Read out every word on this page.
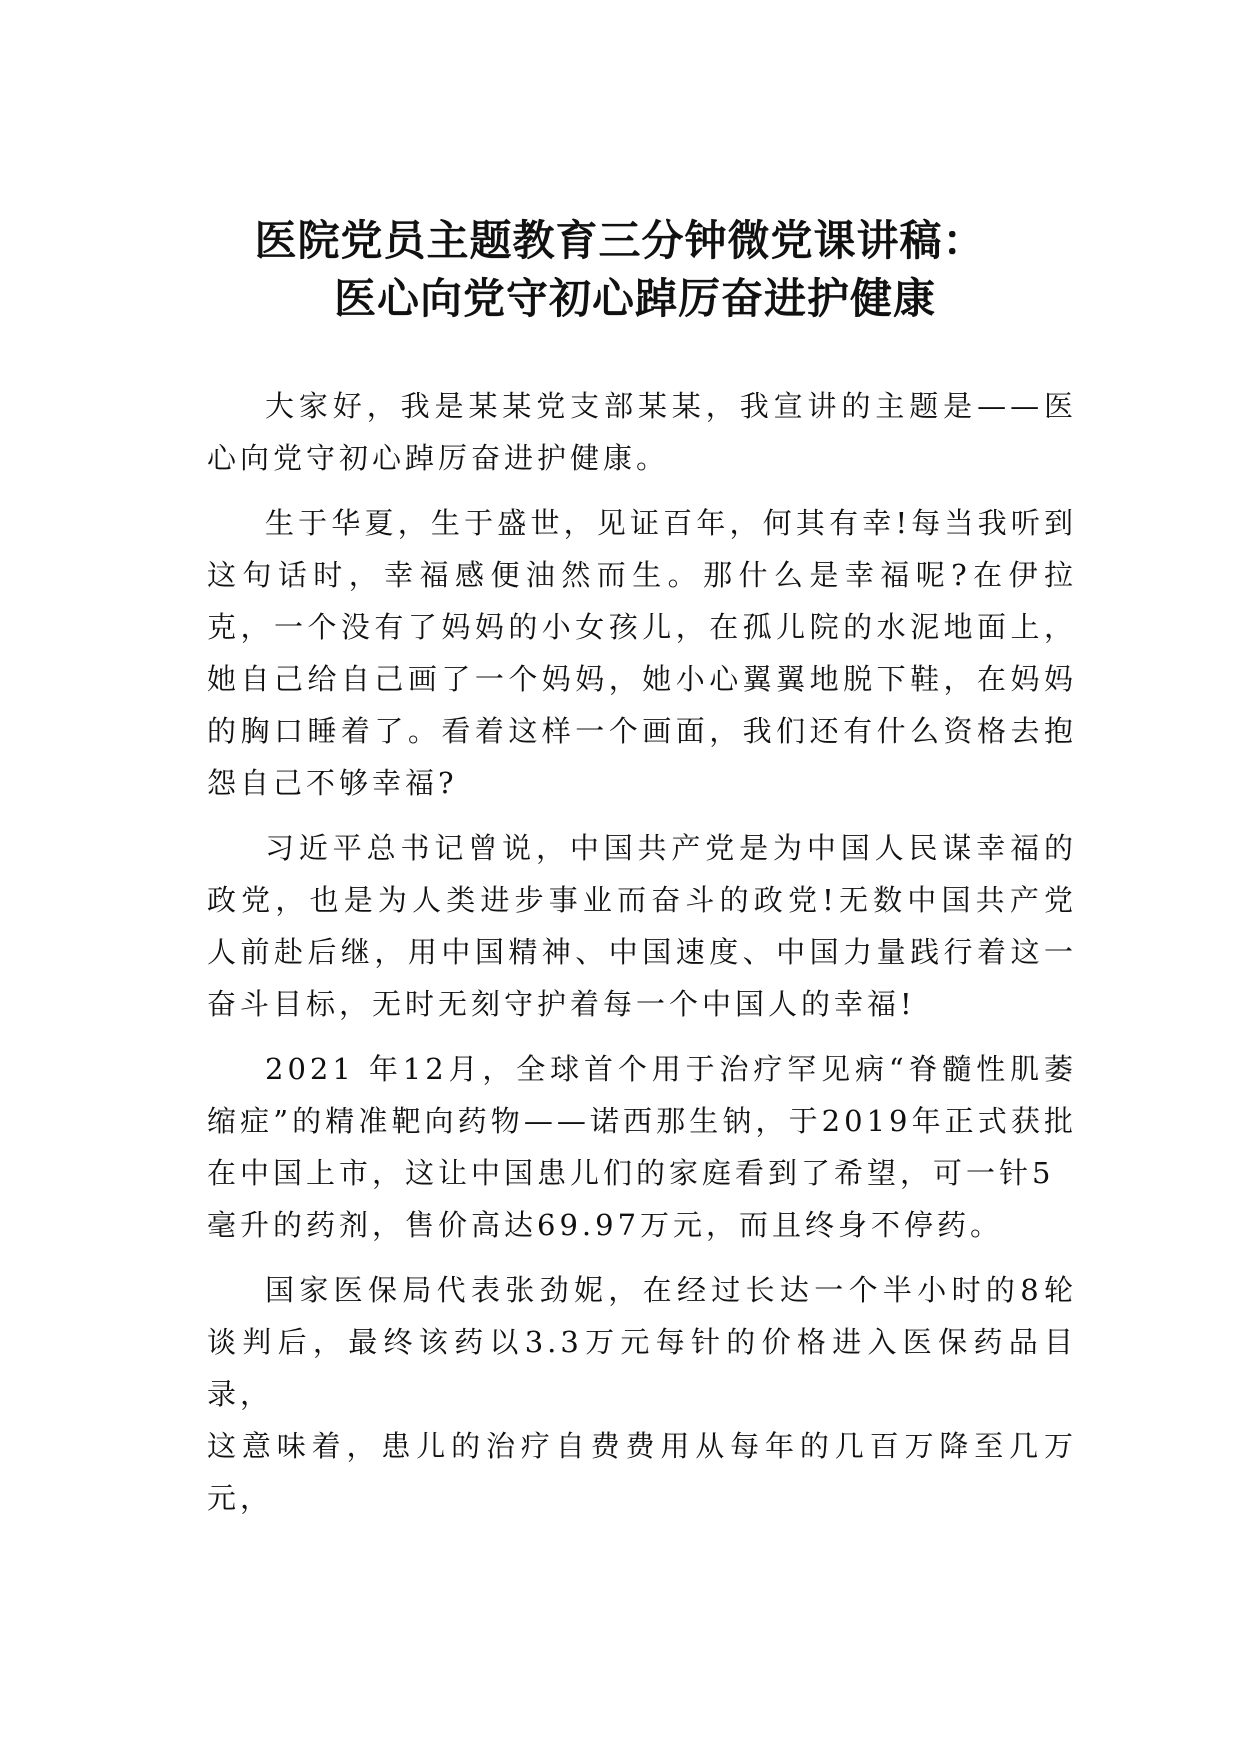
医院党员主题教育三分钟微党课讲稿：
医心向党守初心踔厉奋进护健康

大家好，我是某某党支部某某，我宣讲的主题是——医心向党守初心踔厉奋进护健康。

生于华夏，生于盛世，见证百年，何其有幸!每当我听到这句话时，幸福感便油然而生。那什么是幸福呢?在伊拉克，一个没有了妈妈的小女孩儿，在孤儿院的水泥地面上，她自己给自己画了一个妈妈，她小心翼翼地脱下鞋，在妈妈的胸口睡着了。看着这样一个画面，我们还有什么资格去抱怨自己不够幸福?

习近平总书记曾说，中国共产党是为中国人民谋幸福的政党，也是为人类进步事业而奋斗的政党!无数中国共产党人前赴后继，用中国精神、中国速度、中国力量践行着这一奋斗目标，无时无刻守护着每一个中国人的幸福!

2021 年12月，全球首个用于治疗罕见病“脊髓性肌萎 缩症”的精准靶向药物——诺西那生钠，于2019年正式获批 在中国上市，这让中国患儿们的家庭看到了希望，可一针5
毫升的药剂，售价高达69.97万元，而且终身不停药。

国家医保局代表张劲妮，在经过长达一个半小时的8轮谈判后，最终该药以3.3万元每针的价格进入医保药品目录，
这意味着，患儿的治疗自费费用从每年的几百万降至几万元，
